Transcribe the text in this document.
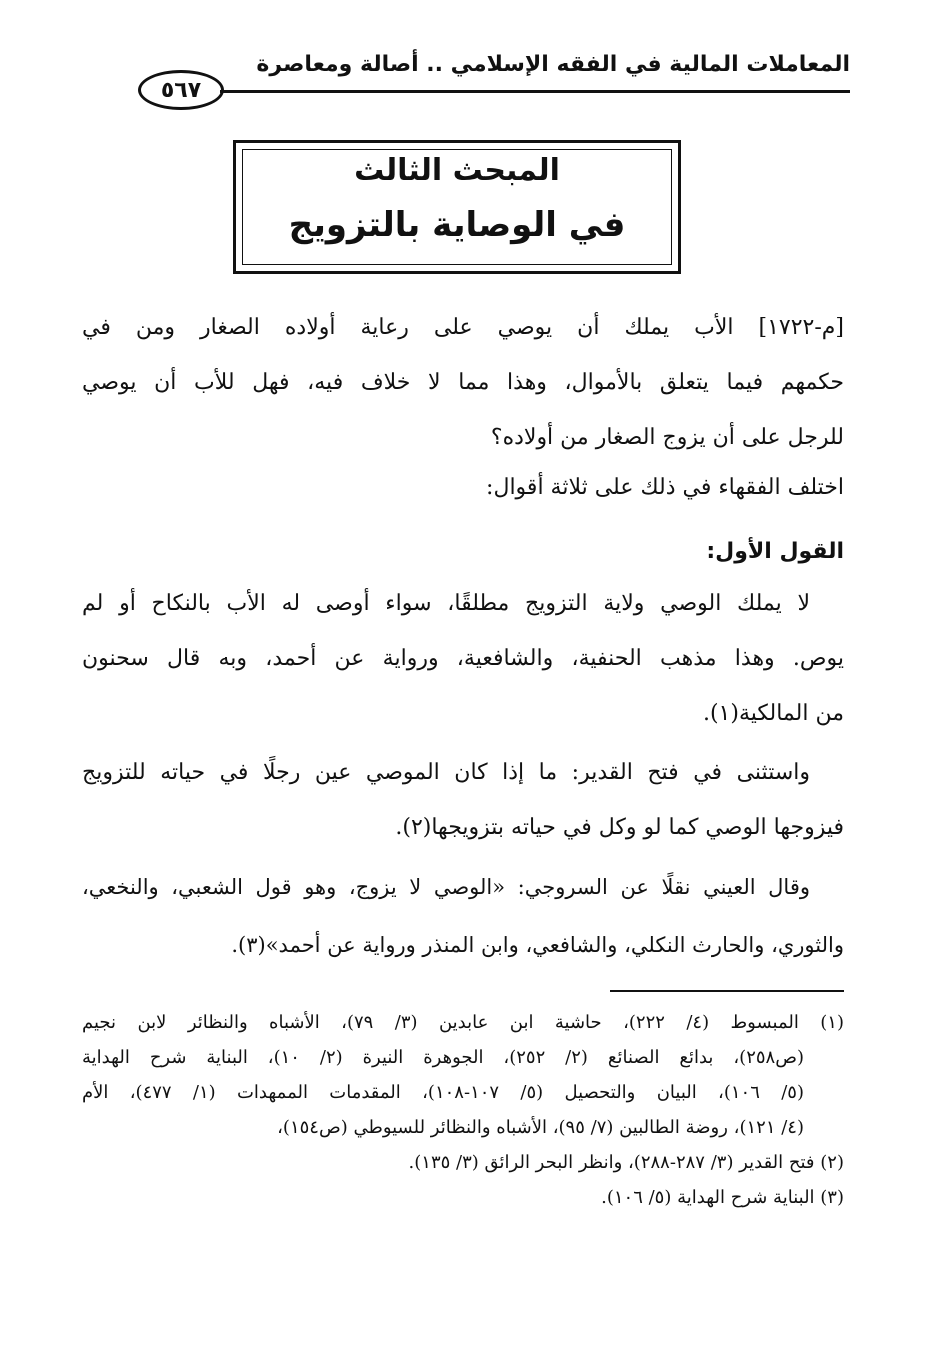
المعاملات المالية في الفقه الإسلامي .. أصالة ومعاصرة
٥٦٧
المبحث الثالث
في الوصاية بالتزويج
[م-١٧٢٢] الأب يملك أن يوصي على رعاية أولاده الصغار ومن في
حكمهم فيما يتعلق بالأموال، وهذا مما لا خلاف فيه، فهل للأب أن يوصي
للرجل على أن يزوج الصغار من أولاده؟
اختلف الفقهاء في ذلك على ثلاثة أقوال:
القول الأول:
لا يملك الوصي ولاية التزويج مطلقًا، سواء أوصى له الأب بالنكاح أو لم
يوص. وهذا مذهب الحنفية، والشافعية، ورواية عن أحمد، وبه قال سحنون
من المالكية(١).
واستثنى في فتح القدير: ما إذا كان الموصي عين رجلًا في حياته للتزويج
فيزوجها الوصي كما لو وكل في حياته بتزويجها(٢).
وقال العيني نقلًا عن السروجي: «الوصي لا يزوج، وهو قول الشعبي، والنخعي،
والثوري، والحارث النكلي، والشافعي، وابن المنذر ورواية عن أحمد»(٣).
(١) المبسوط (٤/ ٢٢٢)، حاشية ابن عابدين (٣/ ٧٩)، الأشباه والنظائر لابن نجيم
(ص٢٥٨)، بدائع الصنائع (٢/ ٢٥٢)، الجوهرة النيرة (٢/ ١٠)، البناية شرح الهداية
(٥/ ١٠٦)، البيان والتحصيل (٥/ ١٠٧-١٠٨)، المقدمات الممهدات (١/ ٤٧٧)، الأم
(٤/ ١٢١)، روضة الطالبين (٧/ ٩٥)، الأشباه والنظائر للسيوطي (ص١٥٤)،
(٢) فتح القدير (٣/ ٢٨٧-٢٨٨)، وانظر البحر الرائق (٣/ ١٣٥).
(٣) البناية شرح الهداية (٥/ ١٠٦).
